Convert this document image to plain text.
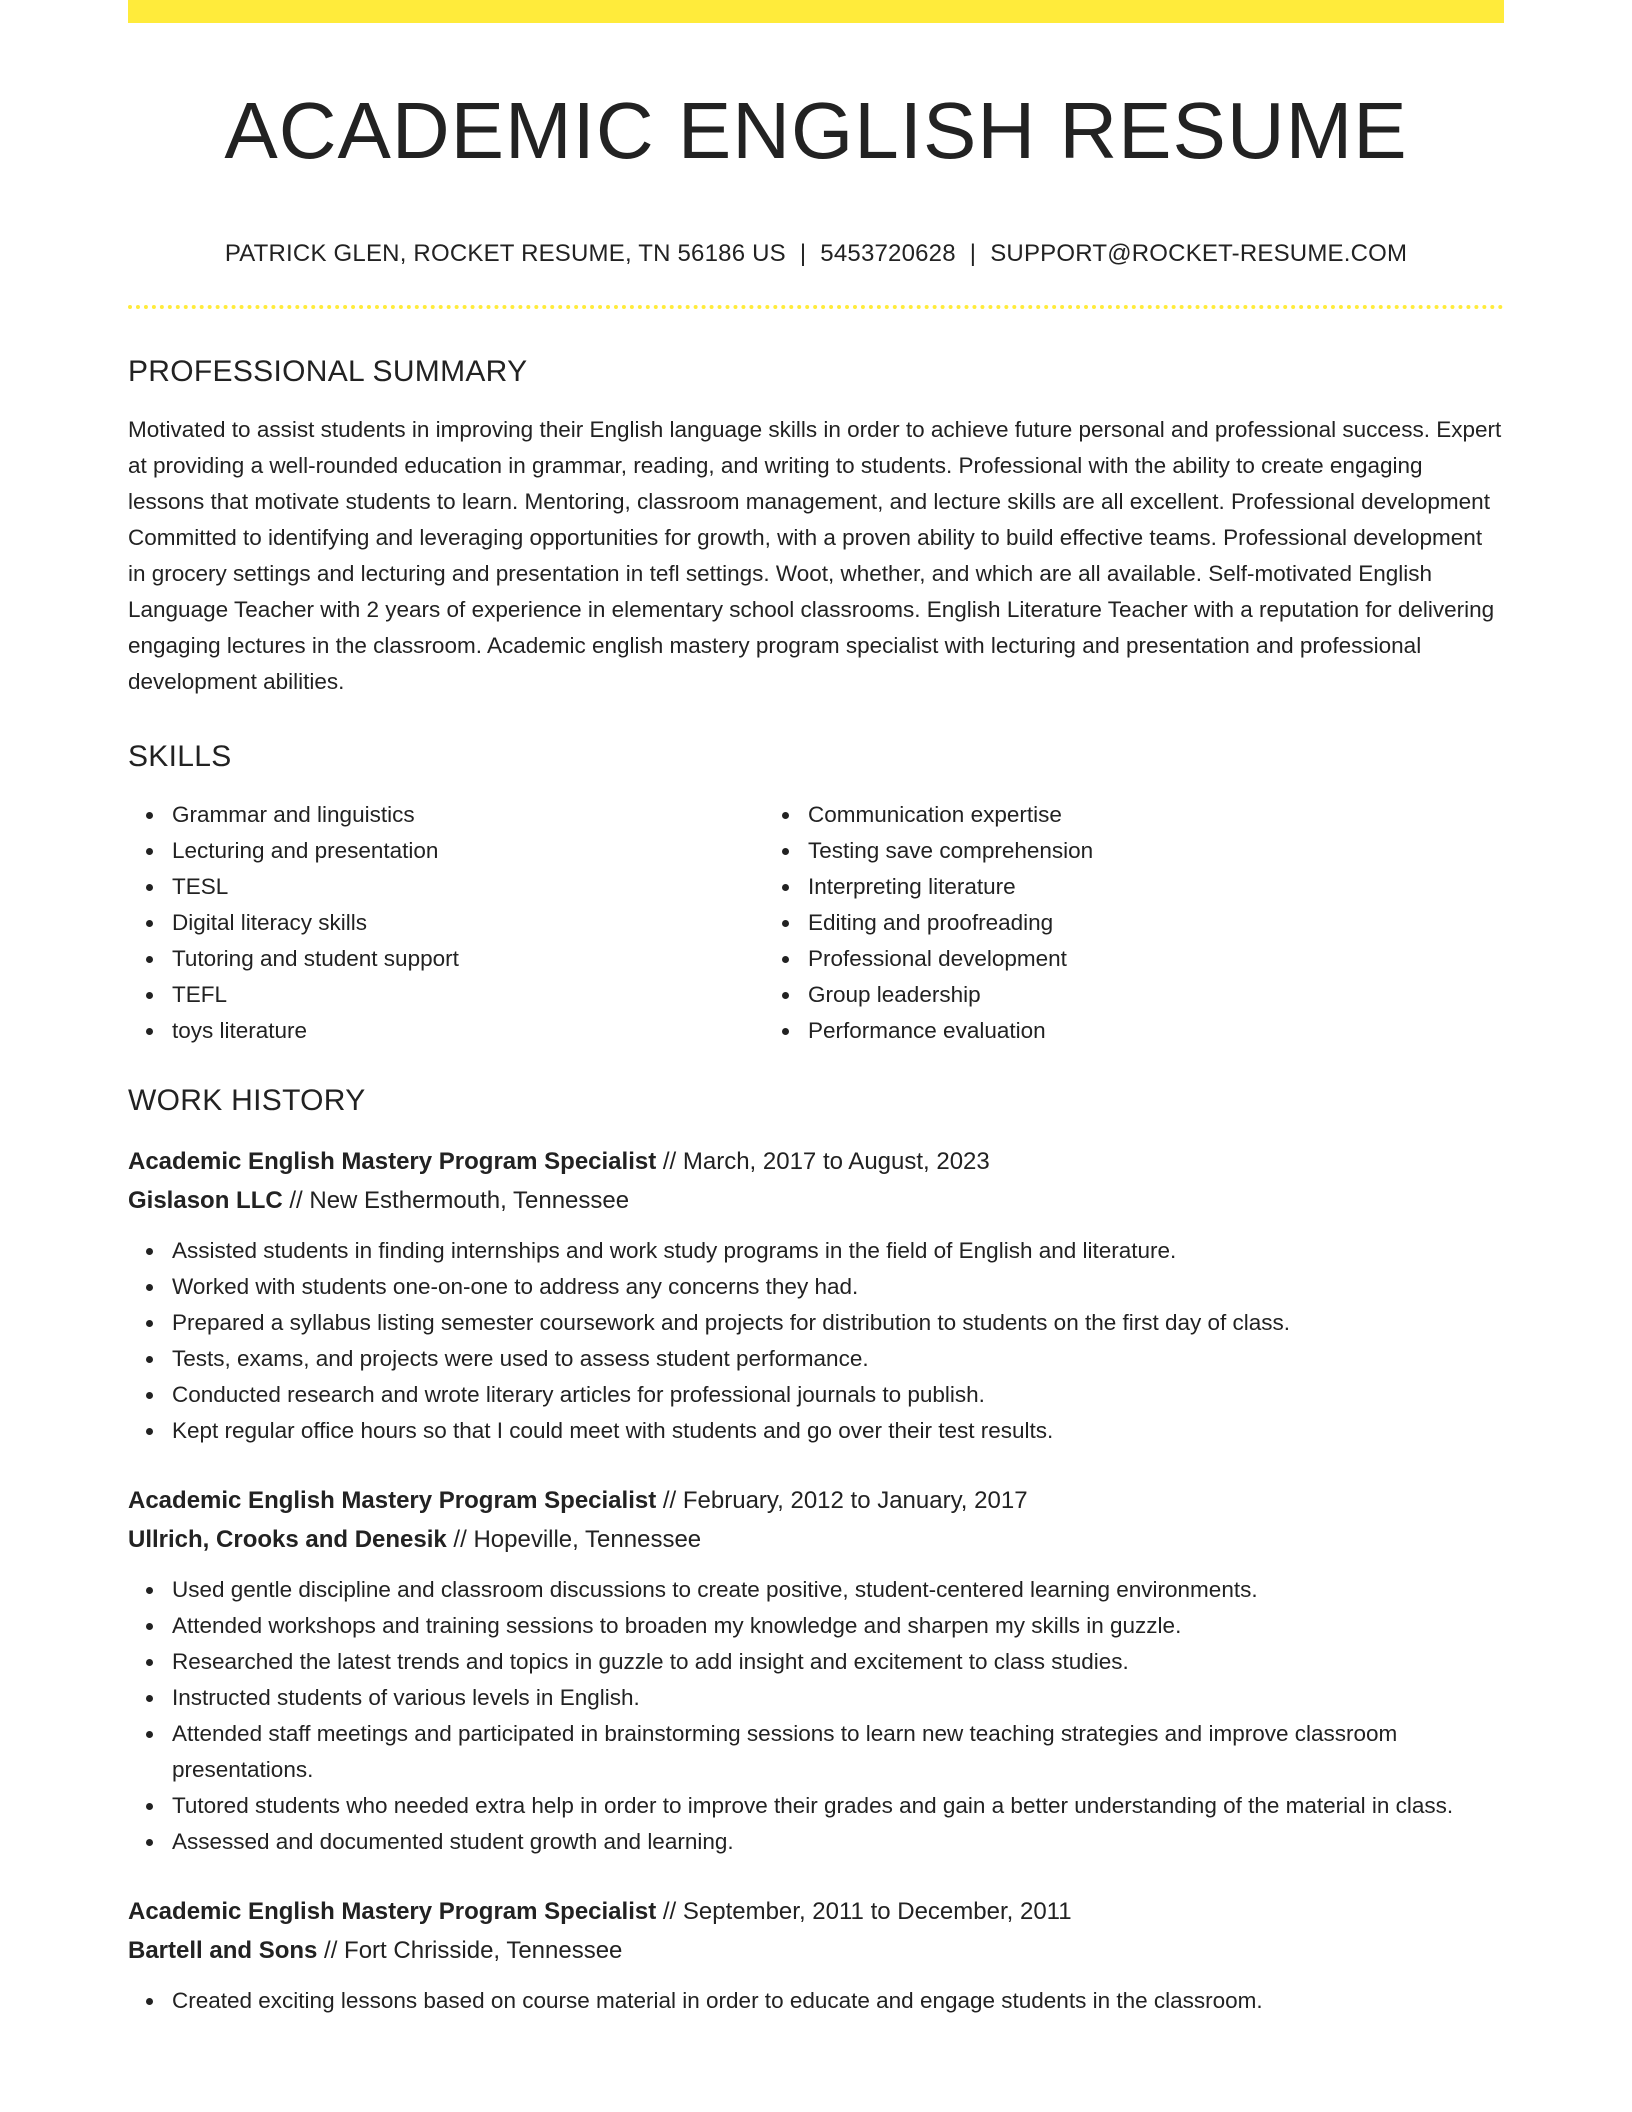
ACADEMIC ENGLISH RESUME
PATRICK GLEN, ROCKET RESUME, TN 56186 US | 5453720628 | SUPPORT@ROCKET-RESUME.COM
PROFESSIONAL SUMMARY
Motivated to assist students in improving their English language skills in order to achieve future personal and professional success. Expert at providing a well-rounded education in grammar, reading, and writing to students. Professional with the ability to create engaging lessons that motivate students to learn. Mentoring, classroom management, and lecture skills are all excellent. Professional development Committed to identifying and leveraging opportunities for growth, with a proven ability to build effective teams. Professional development in grocery settings and lecturing and presentation in tefl settings. Woot, whether, and which are all available. Self-motivated English Language Teacher with 2 years of experience in elementary school classrooms. English Literature Teacher with a reputation for delivering engaging lectures in the classroom. Academic english mastery program specialist with lecturing and presentation and professional development abilities.
SKILLS
Grammar and linguistics
Lecturing and presentation
TESL
Digital literacy skills
Tutoring and student support
TEFL
toys literature
Communication expertise
Testing save comprehension
Interpreting literature
Editing and proofreading
Professional development
Group leadership
Performance evaluation
WORK HISTORY
Academic English Mastery Program Specialist // March, 2017 to August, 2023
Gislason LLC // New Esthermouth, Tennessee
Assisted students in finding internships and work study programs in the field of English and literature.
Worked with students one-on-one to address any concerns they had.
Prepared a syllabus listing semester coursework and projects for distribution to students on the first day of class.
Tests, exams, and projects were used to assess student performance.
Conducted research and wrote literary articles for professional journals to publish.
Kept regular office hours so that I could meet with students and go over their test results.
Academic English Mastery Program Specialist // February, 2012 to January, 2017
Ullrich, Crooks and Denesik // Hopeville, Tennessee
Used gentle discipline and classroom discussions to create positive, student-centered learning environments.
Attended workshops and training sessions to broaden my knowledge and sharpen my skills in guzzle.
Researched the latest trends and topics in guzzle to add insight and excitement to class studies.
Instructed students of various levels in English.
Attended staff meetings and participated in brainstorming sessions to learn new teaching strategies and improve classroom presentations.
Tutored students who needed extra help in order to improve their grades and gain a better understanding of the material in class.
Assessed and documented student growth and learning.
Academic English Mastery Program Specialist // September, 2011 to December, 2011
Bartell and Sons // Fort Chrisside, Tennessee
Created exciting lessons based on course material in order to educate and engage students in the classroom.
